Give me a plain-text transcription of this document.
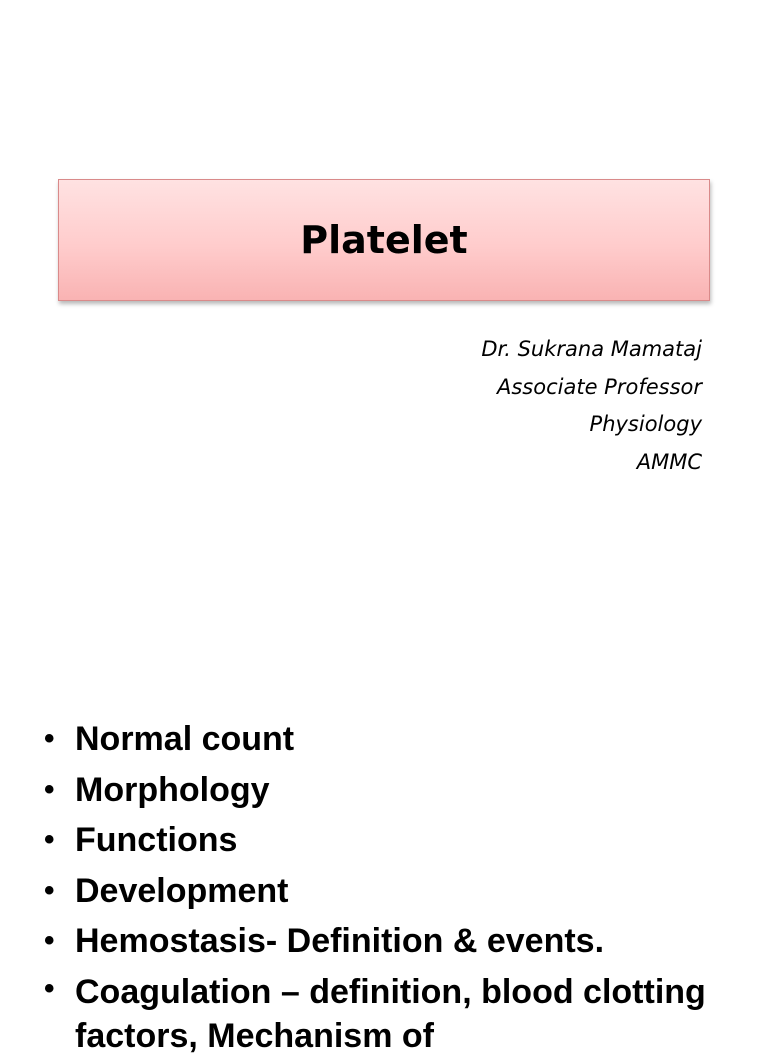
Platelet
Dr. Sukrana Mamataj
Associate Professor
Physiology
AMMC
• Normal count
• Morphology
• Functions
• Development
• Hemostasis- Definition & events.
• Coagulation – definition, blood clotting factors, Mechanism of
